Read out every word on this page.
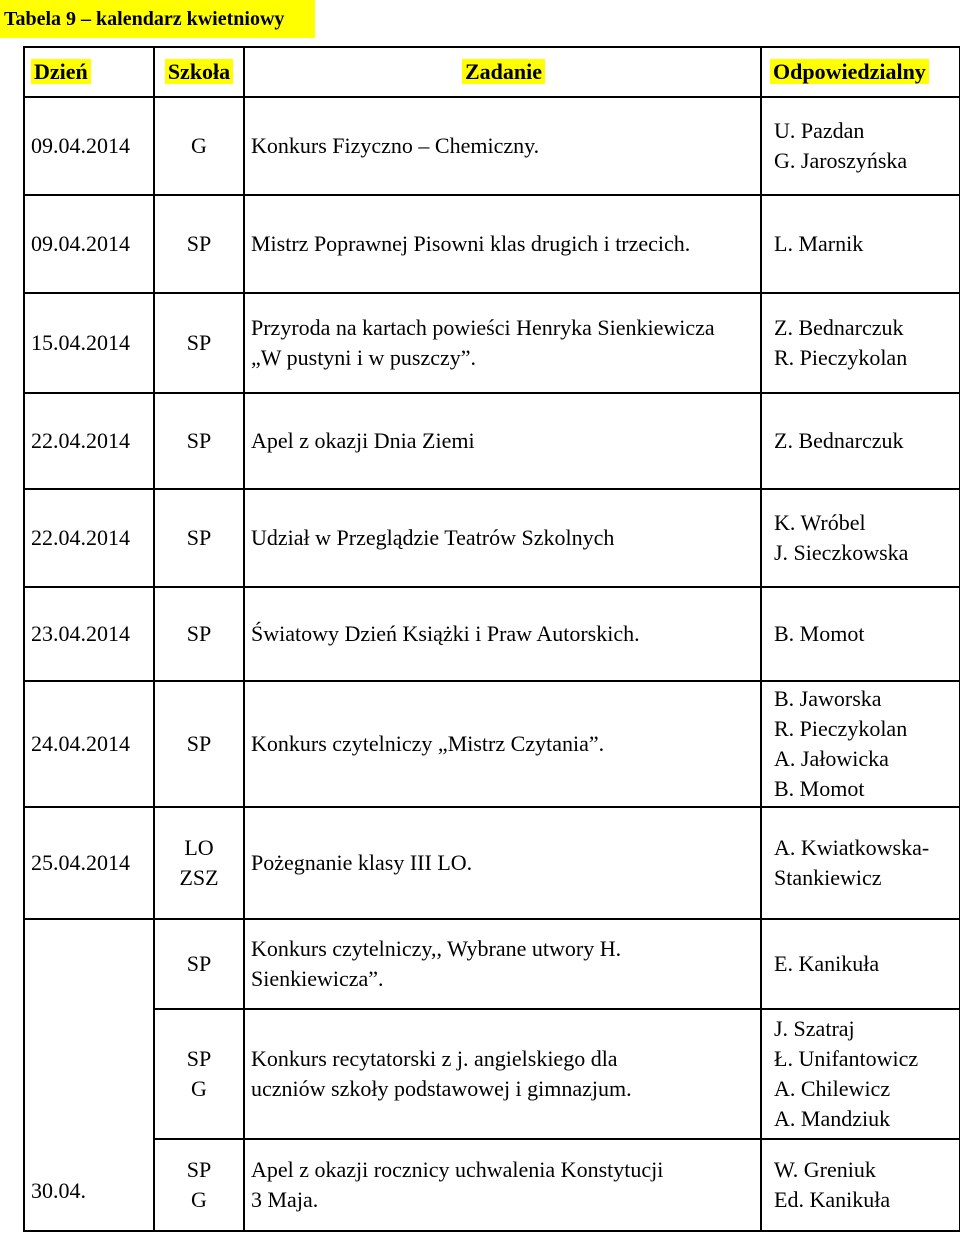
Tabela 9 – kalendarz kwietniowy
Dzień	Szkoła	Zadanie	Odpowiedzialny
09.04.2014	G	Konkurs Fizyczno – Chemiczny.	U. Pazdan
G. Jaroszyńska

09.04.2014	SP	Mistrz Poprawnej Pisowni klas drugich i trzecich.	L. Marnik

15.04.2014	SP	Przyroda na kartach powieści Henryka Sienkiewicza
„W pustyni i w puszczy”.	Z. Bednarczuk
R. Pieczykolan

22.04.2014	SP	Apel z okazji Dnia Ziemi	Z. Bednarczuk

22.04.2014	SP	Udział w Przeglądzie Teatrów Szkolnych	K. Wróbel
J. Sieczkowska

23.04.2014	SP	Światowy Dzień Książki i Praw Autorskich.	B. Momot

24.04.2014	SP	Konkurs czytelniczy „Mistrz Czytania”.	B. Jaworska
R. Pieczykolan
A. Jałowicka
B. Momot

25.04.2014	LO
ZSZ	Pożegnanie klasy III LO.	A. Kwiatkowska-
Stankiewicz

	SP	Konkurs czytelniczy,, Wybrane utwory H.
Sienkiewicza”.	E. Kanikuła

	SP
G	Konkurs recytatorski z j. angielskiego dla
uczniów szkoły podstawowej i gimnazjum.	J. Szatraj
Ł. Unifantowicz
A. Chilewicz
A. Mandziuk

30.04.	SP
G	Apel z okazji rocznicy uchwalenia Konstytucji
3 Maja.	W. Greniuk
Ed. Kanikuła
